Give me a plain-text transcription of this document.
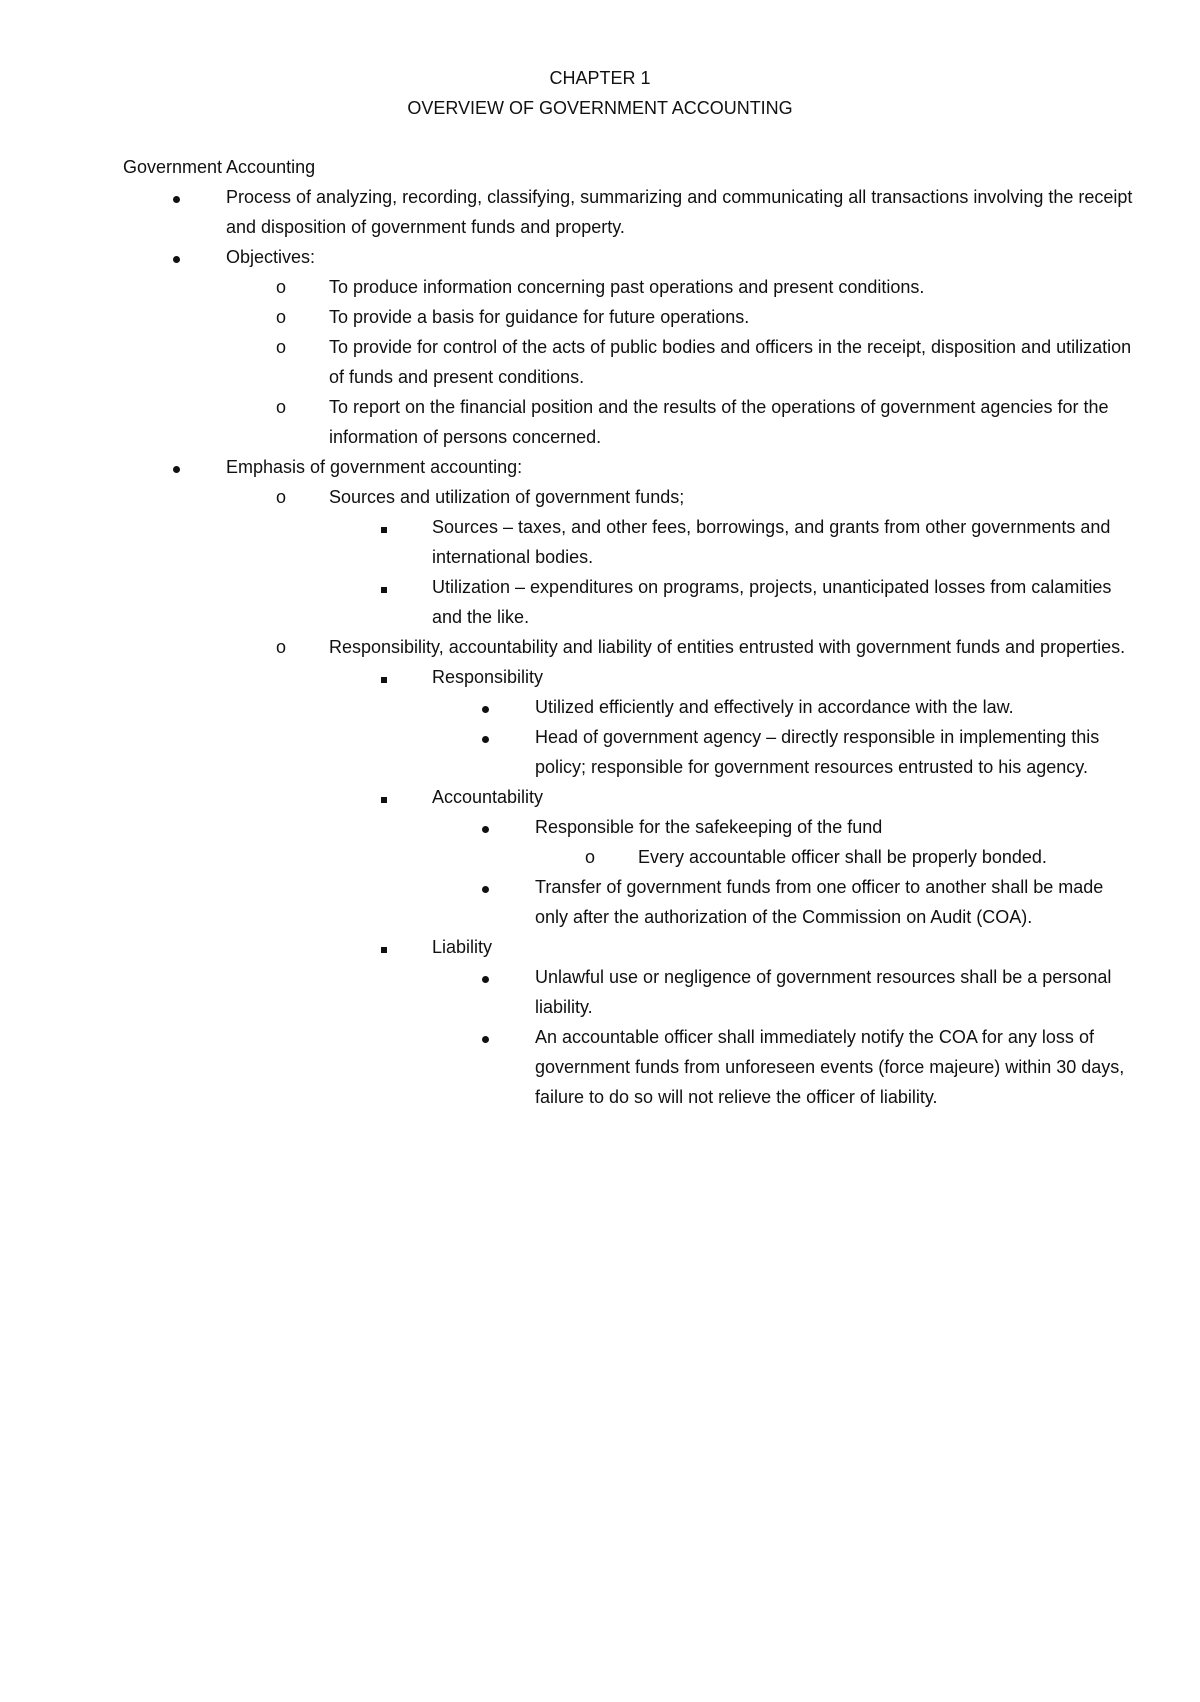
CHAPTER 1
OVERVIEW OF GOVERNMENT ACCOUNTING
Government Accounting
Process of analyzing, recording, classifying, summarizing and communicating all transactions involving the receipt and disposition of government funds and property.
Objectives:
o To produce information concerning past operations and present conditions.
o To provide a basis for guidance for future operations.
o To provide for control of the acts of public bodies and officers in the receipt, disposition and utilization of funds and present conditions.
o To report on the financial position and the results of the operations of government agencies for the information of persons concerned.
Emphasis of government accounting:
o Sources and utilization of government funds;
Sources – taxes, and other fees, borrowings, and grants from other governments and international bodies.
Utilization – expenditures on programs, projects, unanticipated losses from calamities and the like.
o Responsibility, accountability and liability of entities entrusted with government funds and properties.
Responsibility
Utilized efficiently and effectively in accordance with the law.
Head of government agency – directly responsible in implementing this policy; responsible for government resources entrusted to his agency.
Accountability
Responsible for the safekeeping of the fund
o Every accountable officer shall be properly bonded.
Transfer of government funds from one officer to another shall be made only after the authorization of the Commission on Audit (COA).
Liability
Unlawful use or negligence of government resources shall be a personal liability.
An accountable officer shall immediately notify the COA for any loss of government funds from unforeseen events (force majeure) within 30 days, failure to do so will not relieve the officer of liability.
